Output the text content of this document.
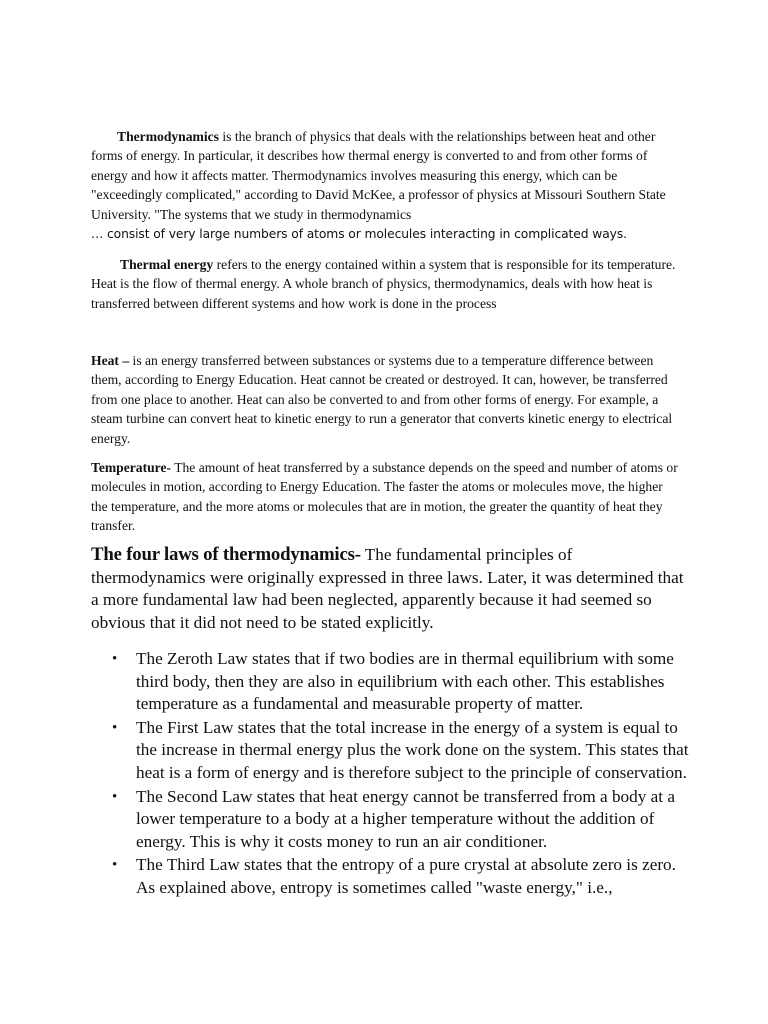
Thermodynamics is the branch of physics that deals with the relationships between heat and other forms of energy. In particular, it describes how thermal energy is converted to and from other forms of energy and how it affects matter. Thermodynamics involves measuring this energy, which can be "exceedingly complicated," according to David McKee, a professor of physics at Missouri Southern State University. "The systems that we study in thermodynamics
… consist of very large numbers of atoms or molecules interacting in complicated ways.

Thermal energy refers to the energy contained within a system that is responsible for its temperature. Heat is the flow of thermal energy. A whole branch of physics, thermodynamics, deals with how heat is transferred between different systems and how work is done in the process

Heat – is an energy transferred between substances or systems due to a temperature difference between them, according to Energy Education. Heat cannot be created or destroyed. It can, however, be transferred from one place to another. Heat can also be converted to and from other forms of energy. For example, a steam turbine can convert heat to kinetic energy to run a generator that converts kinetic energy to electrical energy.

Temperature- The amount of heat transferred by a substance depends on the speed and number of atoms or molecules in motion, according to Energy Education. The faster the atoms or molecules move, the higher the temperature, and the more atoms or molecules that are in motion, the greater the quantity of heat they transfer.

The four laws of thermodynamics- The fundamental principles of thermodynamics were originally expressed in three laws. Later, it was determined that a more fundamental law had been neglected, apparently because it had seemed so obvious that it did not need to be stated explicitly.

• The Zeroth Law states that if two bodies are in thermal equilibrium with some third body, then they are also in equilibrium with each other. This establishes temperature as a fundamental and measurable property of matter.
• The First Law states that the total increase in the energy of a system is equal to the increase in thermal energy plus the work done on the system. This states that heat is a form of energy and is therefore subject to the principle of conservation.
• The Second Law states that heat energy cannot be transferred from a body at a lower temperature to a body at a higher temperature without the addition of energy. This is why it costs money to run an air conditioner.
• The Third Law states that the entropy of a pure crystal at absolute zero is zero. As explained above, entropy is sometimes called "waste energy," i.e.,
